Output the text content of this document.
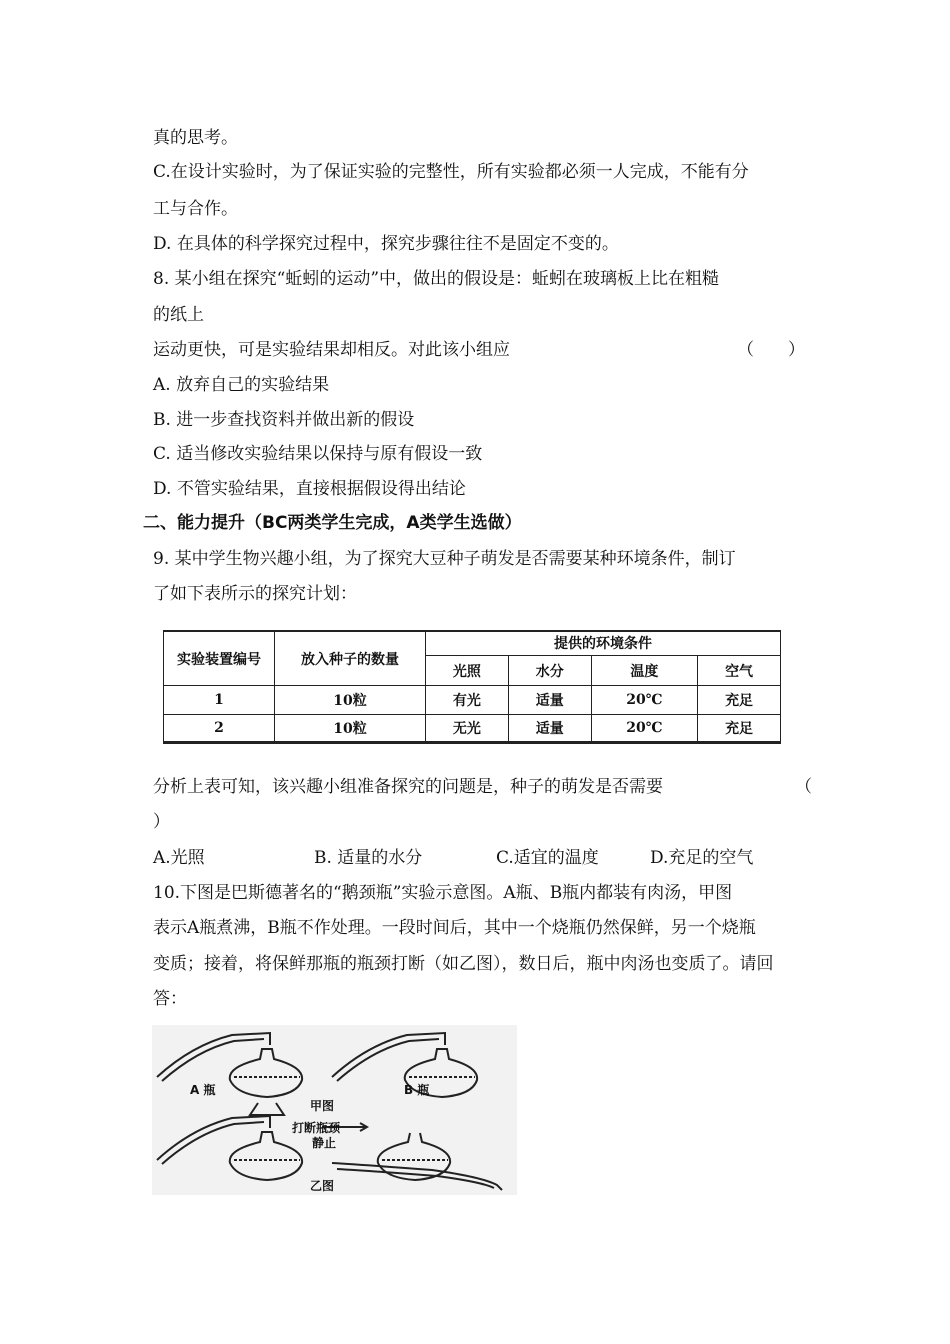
真的思考。
C.在设计实验时，为了保证实验的完整性，所有实验都必须一人完成，不能有分
工与合作。
D. 在具体的科学探究过程中，探究步骤往往不是固定不变的。
8. 某小组在探究“蚯蚓的运动”中，做出的假设是：蚯蚓在玻璃板上比在粗糙
的纸上
运动更快，可是实验结果却相反。对此该小组应	（　　）
A. 放弃自己的实验结果
B. 进一步查找资料并做出新的假设
C. 适当修改实验结果以保持与原有假设一致
D. 不管实验结果，直接根据假设得出结论
二、能力提升（BC两类学生完成，A类学生选做）
9. 某中学生物兴趣小组，为了探究大豆种子萌发是否需要某种环境条件，制订
了如下表所示的探究计划：
实验装置编号	放入种子的数量	提供的环境条件			
		光照	水分	温度	空气
1	10粒	有光	适量	20℃	充足
2	10粒	无光	适量	20℃	充足
分析上表可知，该兴趣小组准备探究的问题是，种子的萌发是否需要	（
）
A.光照	B. 适量的水分	C.适宜的温度	D.充足的空气
10.下图是巴斯德著名的“鹅颈瓶”实验示意图。A瓶、B瓶内都装有肉汤，甲图
表示A瓶煮沸，B瓶不作处理。一段时间后，其中一个烧瓶仍然保鲜，另一个烧瓶
变质；接着，将保鲜那瓶的瓶颈打断（如乙图），数日后，瓶中肉汤也变质了。请回
答：
A 瓶	B 瓶
甲图
打断瓶颈
静止
乙图
